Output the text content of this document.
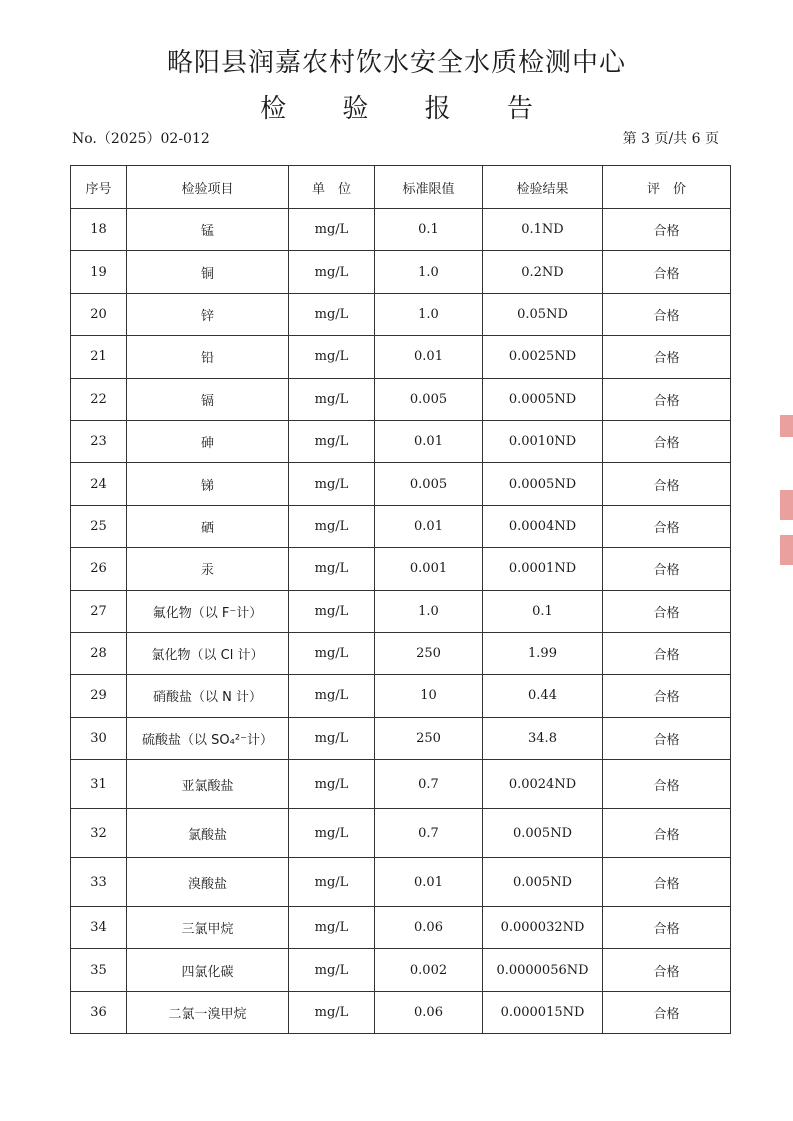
略阳县润嘉农村饮水安全水质检测中心
检 验 报 告
No.（2025）02-012	第 3 页/共 6 页
序号	检验项目	单　位	标准限值	检验结果	评　价
18	锰	mg/L	0.1	0.1ND	合格
19	铜	mg/L	1.0	0.2ND	合格
20	锌	mg/L	1.0	0.05ND	合格
21	铅	mg/L	0.01	0.0025ND	合格
22	镉	mg/L	0.005	0.0005ND	合格
23	砷	mg/L	0.01	0.0010ND	合格
24	锑	mg/L	0.005	0.0005ND	合格
25	硒	mg/L	0.01	0.0004ND	合格
26	汞	mg/L	0.001	0.0001ND	合格
27	氟化物（以 F⁻计）	mg/L	1.0	0.1	合格
28	氯化物（以 Cl 计）	mg/L	250	1.99	合格
29	硝酸盐（以 N 计）	mg/L	10	0.44	合格
30	硫酸盐（以 SO₄²⁻计）	mg/L	250	34.8	合格
31	亚氯酸盐	mg/L	0.7	0.0024ND	合格
32	氯酸盐	mg/L	0.7	0.005ND	合格
33	溴酸盐	mg/L	0.01	0.005ND	合格
34	三氯甲烷	mg/L	0.06	0.000032ND	合格
35	四氯化碳	mg/L	0.002	0.0000056ND	合格
36	二氯一溴甲烷	mg/L	0.06	0.000015ND	合格
